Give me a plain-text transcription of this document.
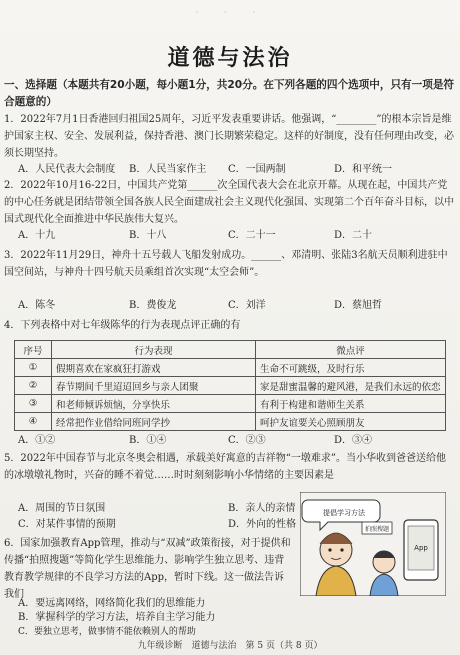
·　　·　　·
道德与法治
一、选择题（本题共有20小题，每小题1分，共20分。在下列各题的四个选项中，只有一项是符合题意的）

1．2022年7月1日香港回归祖国25周年，习近平发表重要讲话。他强调，“________”的根本宗旨是维护国家主权、安全、发展利益，保持香港、澳门长期繁荣稳定。这样的好制度，没有任何理由改变，必须长期坚持。

A．人民代表大会制度 B．人民当家作主 C．一国两制	D．和平统一

2．2022年10月16-22日，中国共产党第______次全国代表大会在北京开幕。从现在起，中国共产党的中心任务就是团结带领全国各族人民全面建成社会主义现代化强国、实现第二个百年奋斗目标，以中国式现代化全面推进中华民族伟大复兴。

A．十九	B．十八	C．二十一	D．二十

3．2022年11月29日，神舟十五号载人飞船发射成功。______、邓清明、张陆3名航天员顺利进驻中国空间站，与神舟十四号航天员乘组首次实现“太空会师”。

A．陈冬	B．费俊龙	C．刘洋	D．蔡旭哲

4．下列表格中对七年级陈华的行为表现点评正确的有

序号	行为表现	微点评
①	假期喜欢在家疯狂打游戏	生命不可跳级，及时行乐
②	春节期间千里迢迢回乡与亲人团聚	家是甜蜜温馨的避风港，是我们永远的依恋
③	和老师倾诉烦恼，分享快乐	有利于构建和谐师生关系
④	经常把作业借给同班同学抄	呵护友谊要关心照顾朋友
A．①②	B．①④	C．②③	D．③④

5．2022年中国春节与北京冬奥会相遇，承载美好寓意的吉祥物“一墩难求”。当小华收到爸爸送给他的冰墩墩礼物时，兴奋的睡不着觉……时时刻刻影响小华情绪的主要因素是

A．周围的节日氛围	B．亲人的亲情
C．对某件事情的预期	D．外向的性格

6．国家加强教育App管理，推动与“双减”政策衔接，对于提供和传播“拍照搜题”等简化学生思维能力、影响学生独立思考、违背教育教学规律的不良学习方法的App，暂时下线。这一做法告诉我们

A．要远离网络，网络简化我们的思维能力
B．掌握科学的学习方法，培养自主学习能力
C．要独立思考，做事情不能依赖别人的帮助
提倡学习方法
拍照搜题
App
九年级诊断　道德与法治　第 5 页（共 8 页）
